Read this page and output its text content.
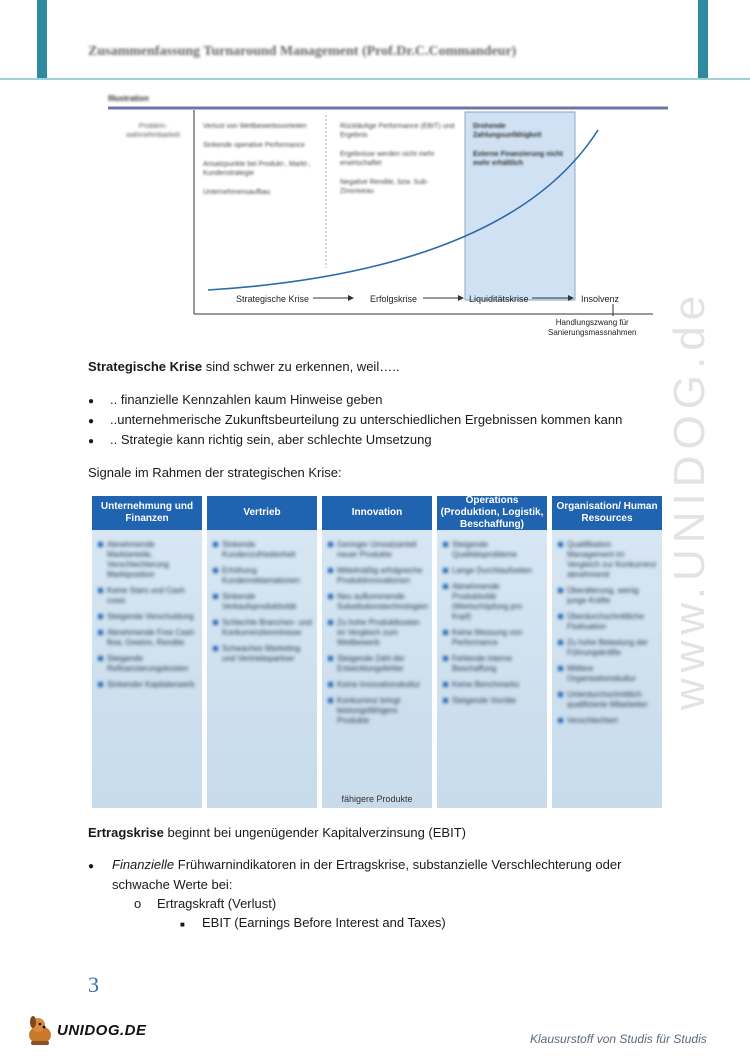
Zusammenfassung Turnaround Management (Prof.Dr.C.Commandeur)
www.UNIDOG.de
Illustration
Problem-wahrnehmbarkeit
Verlust von Wettbewerbsvorteilen
Sinkende operative Performance
Ansatzpunkte bei Produkt-, Markt-, Kundenstrategie
Unternehmensaufbau
Rückläufige Performance (EBIT) und Ergebnis
Ergebnisse werden nicht mehr erwirtschaftet
Negative Rendite, bzw. Sub-Zinsniveau
Drohende Zahlungsunfähigkeit
Externe Finanzierung nicht mehr erhältlich
Strategische Krise	Erfolgskrise	Liquiditätskrise	Insolvenz
Handlungszwang für
Sanierungsmassnahmen
Strategische Krise sind schwer zu erkennen, weil…..
● .. finanzielle Kennzahlen kaum Hinweise geben
● ..unternehmerische Zukunftsbeurteilung zu unterschiedlichen Ergebnissen kommen kann
● .. Strategie kann richtig sein, aber schlechte Umsetzung
Signale im Rahmen der strategischen Krise:
Unternehmung und Finanzen
Abnehmende Marktanteile, Verschlechterung Marktposition
Keine Stars und Cash cows
Steigende Verschuldung
Abnehmende Free Cash flow, Gewinn, Rendite
Steigende Refinanzierungskosten
Sinkender Kapitalerwerb
Vertrieb
Sinkende Kundenzufriedenheit
Erhöhung Kundenreklamationen
Sinkende Verkaufsproduktivität
Schlechte Branchen- und Konkurrenzkenntnisse
Schwaches Marketing und Vertriebspartner
Innovation
Geringer Umsatzanteil neuer Produkte
Mittelmäßig erfolgreiche Produktinnovationen
Neu aufkommende Substitutionstechnologien
Zu hohe Produktkosten im Vergleich zum Wettbewerb
Steigende Zahl der Entwicklungsfehler
Keine Innovationskultur
Konkurrenz bringt leistungsfähigere Produkte
fähigere Produkte
Operations (Produktion, Logistik, Beschaffung)
Steigende Qualitätsprobleme
Lange Durchlaufzeiten
Abnehmende Produktivität (Wertschöpfung pro Kopf)
Keine Messung von Performance
Fehlende interne Beschaffung
Keine Benchmarks
Steigende Vorräte
Organisation/ Human Resources
Qualifikation Management im Vergleich zur Konkurrenz abnehmend
Überalterung, wenig junge Kräfte
Überdurchschnittliche Fluktuation
Zu hohe Belastung der Führungskräfte
Mittlere Organisationskultur
Unterdurchschnittlich qualifizierte Mitarbeiter
Verschlechtert
Ertragskrise beginnt bei ungenügender Kapitalverzinsung (EBIT)
● Finanzielle Frühwarnindikatoren in der Ertragskrise, substanzielle Verschlechterung oder
schwache Werte bei:
o Ertragskraft (Verlust)
■ EBIT (Earnings Before Interest and Taxes)
3
UNIDOG.DE	Klausurstoff von Studis für Studis
